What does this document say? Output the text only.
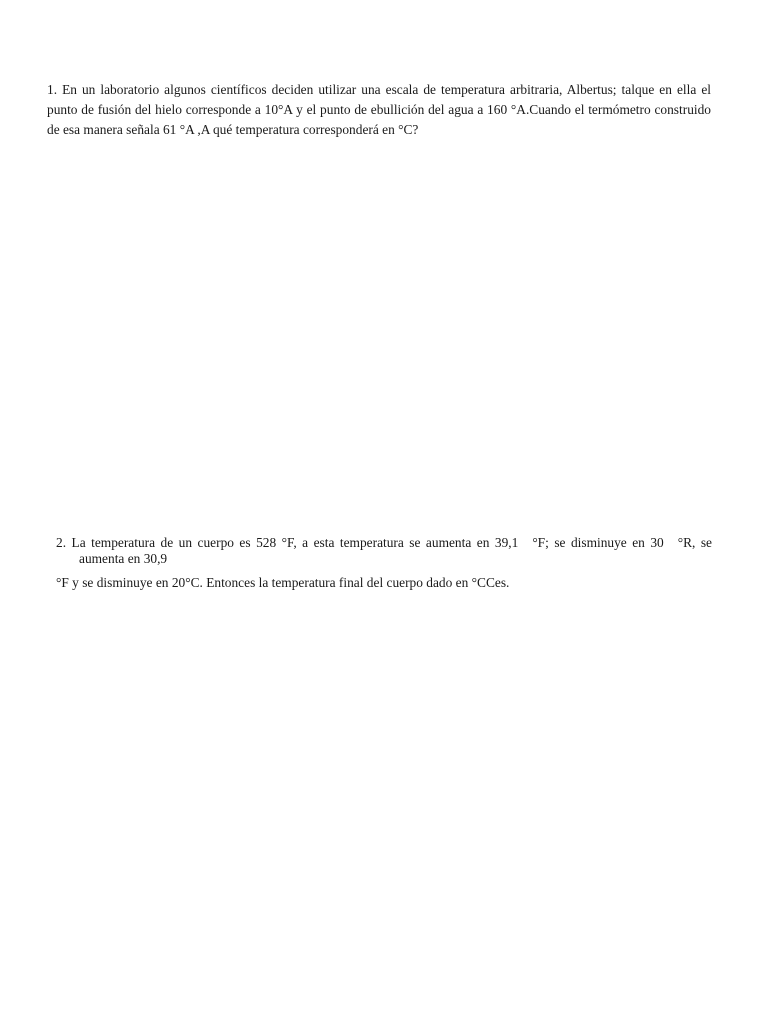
1. En un laboratorio algunos científicos deciden utilizar una escala de temperatura arbitraria, Albertus; talque en ella el punto de fusión del hielo corresponde a 10°A y el punto de ebullición del agua a 160 °A.Cuando el termómetro construido de esa manera señala 61 °A ,A qué temperatura corresponderá en °C?

2. La temperatura de un cuerpo es 528 °F, a esta temperatura se aumenta en 39,1 °F; se disminuye en 30 °R, se aumenta en 30,9

°F y se disminuye en 20°C. Entonces la temperatura final del cuerpo dado en °CCes.
